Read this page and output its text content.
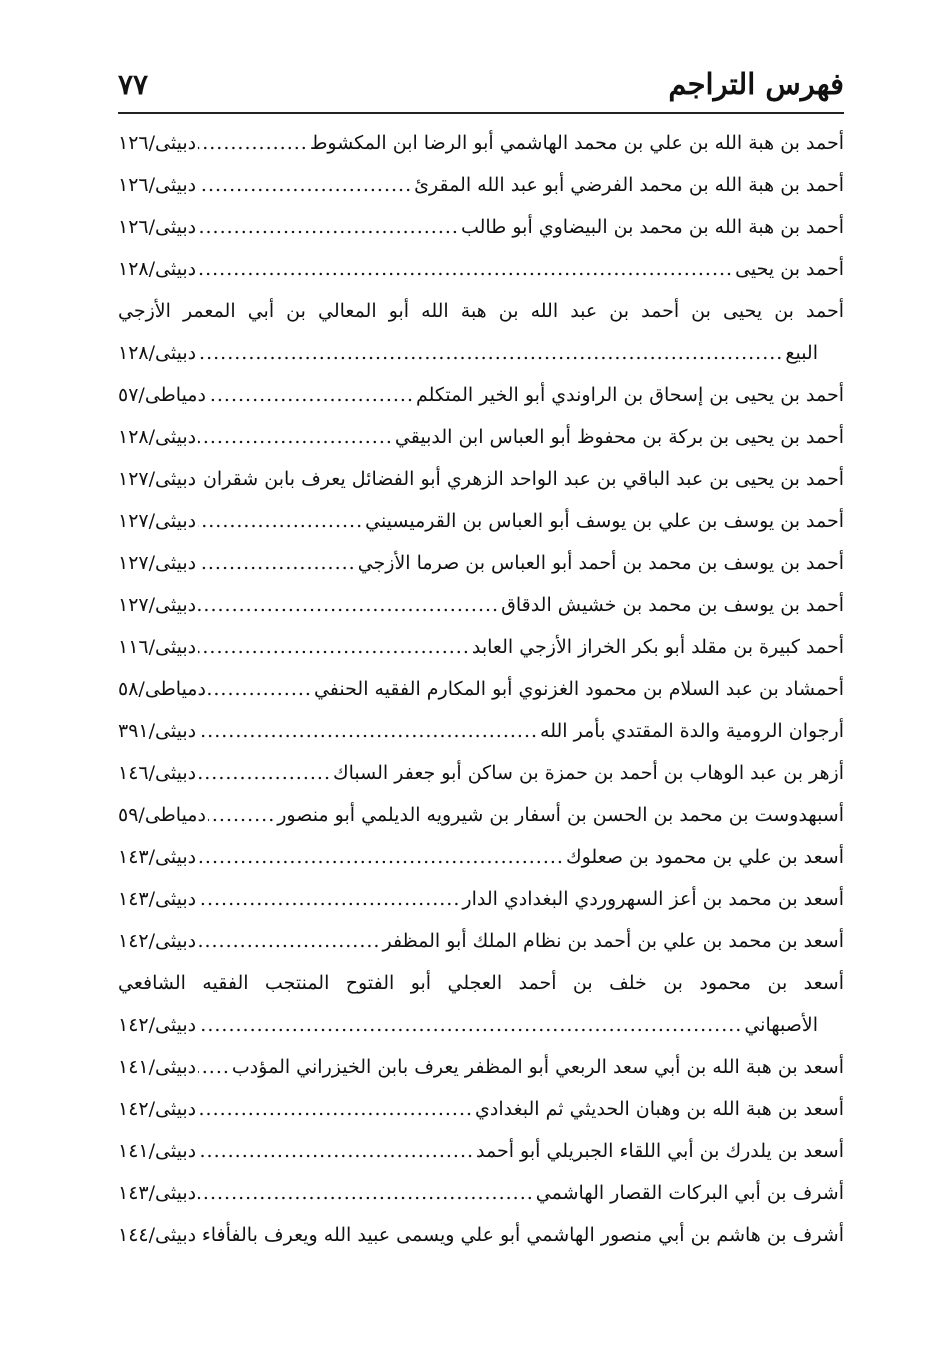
فهرس التراجم
٧٧
أحمد بن هبة الله بن علي بن محمد الهاشمي أبو الرضا ابن المكشوط
.....
دبيثى/١٢٦
أحمد بن هبة الله بن محمد الفرضي أبو عبد الله المقرئ
.....
دبيثى/١٢٦
أحمد بن هبة الله بن محمد بن البيضاوي أبو طالب
.....
دبيثى/١٢٦
أحمد بن يحيى
.....
دبيثى/١٢٨
أحمد بن يحيى بن أحمد بن عبد الله بن هبة الله أبو المعالي بن أبي المعمر الأزجي
البيع
.....
دبيثى/١٢٨
أحمد بن يحيى بن إسحاق بن الراوندي أبو الخير المتكلم
.....
دمياطى/٥٧
أحمد بن يحيى بن بركة بن محفوظ أبو العباس ابن الدبيقي
.....
دبيثى/١٢٨
أحمد بن يحيى بن عبد الباقي بن عبد الواحد الزهري أبو الفضائل يعرف بابن شقران
.....
دبيثى/١٢٧
أحمد بن يوسف بن علي بن يوسف أبو العباس بن القرميسيني
.....
دبيثى/١٢٧
أحمد بن يوسف بن محمد بن أحمد أبو العباس بن صرما الأزجي
.....
دبيثى/١٢٧
أحمد بن يوسف بن محمد بن خشيش الدقاق
.....
دبيثى/١٢٧
أحمد كبيرة بن مقلد أبو بكر الخراز الأزجي العابد
.....
دبيثى/١١٦
أحمشاد بن عبد السلام بن محمود الغزنوي أبو المكارم الفقيه الحنفي
.....
دمياطى/٥٨
أرجوان الرومية والدة المقتدي بأمر الله
.....
دبيثى/٣٩١
أزهر بن عبد الوهاب بن أحمد بن حمزة بن ساكن أبو جعفر السباك
.....
دبيثى/١٤٦
أسبهدوست بن محمد بن الحسن بن أسفار بن شيرويه الديلمي أبو منصور
.....
دمياطى/٥٩
أسعد بن علي بن محمود بن صعلوك
.....
دبيثى/١٤٣
أسعد بن محمد بن أعز السهروردي البغدادي الدار
.....
دبيثى/١٤٣
أسعد بن محمد بن علي بن أحمد بن نظام الملك أبو المظفر
.....
دبيثى/١٤٢
أسعد بن محمود بن خلف بن أحمد العجلي أبو الفتوح المنتجب الفقيه الشافعي
الأصبهاني
.....
دبيثى/١٤٢
أسعد بن هبة الله بن أبي سعد الربعي أبو المظفر يعرف بابن الخيزراني المؤدب
.....
دبيثى/١٤١
أسعد بن هبة الله بن وهبان الحديثي ثم البغدادي
.....
دبيثى/١٤٢
أسعد بن يلدرك بن أبي اللقاء الجبريلي أبو أحمد
.....
دبيثى/١٤١
أشرف بن أبي البركات القصار الهاشمي
.....
دبيثى/١٤٣
أشرف بن هاشم بن أبي منصور الهاشمي أبو علي ويسمى عبيد الله ويعرف بالفأفاء
.....
دبيثى/١٤٤
